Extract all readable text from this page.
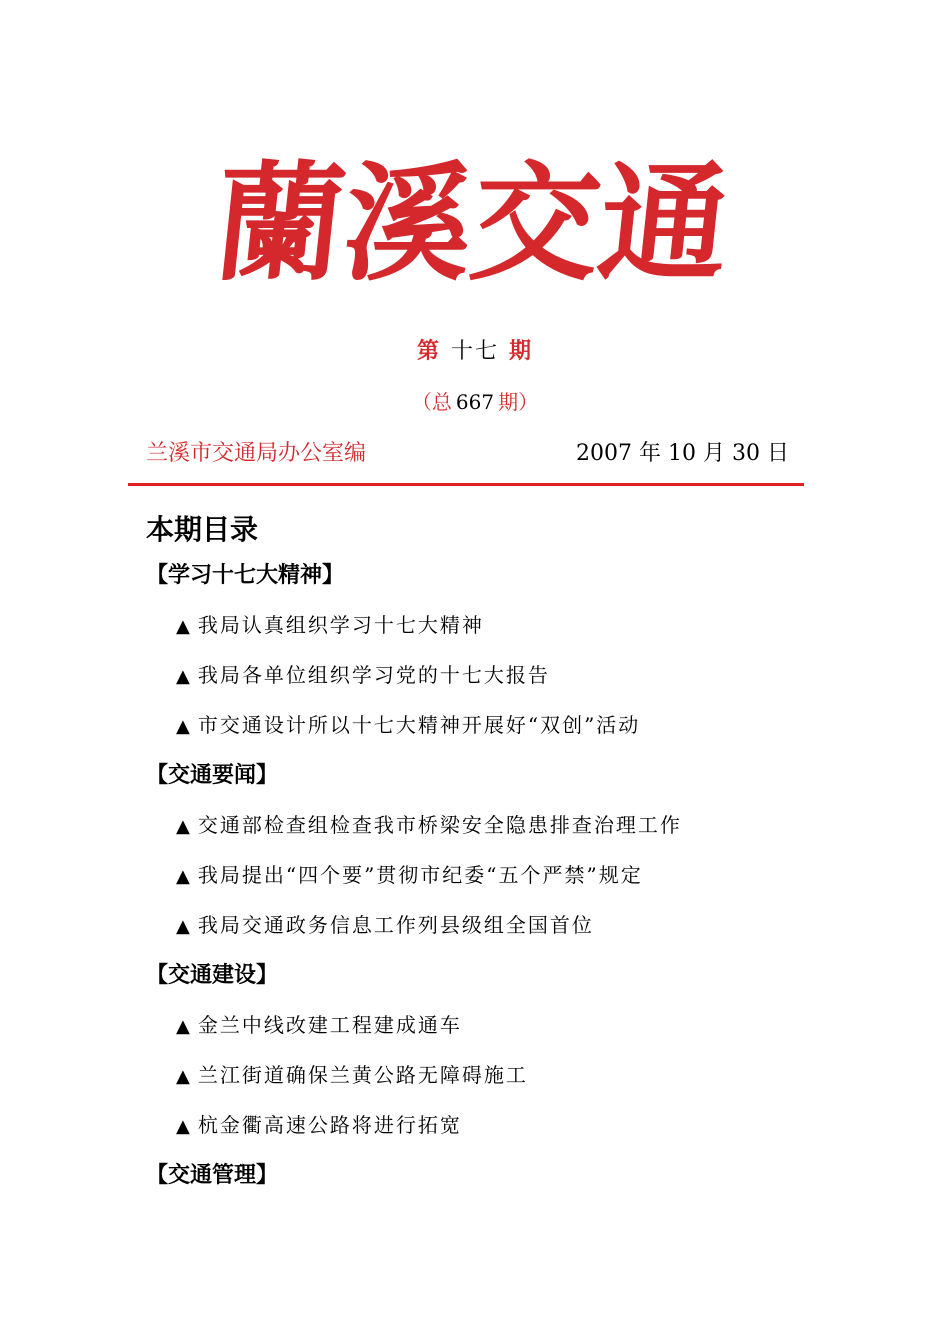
蘭
溪
交
通
第 十七 期
（总 667 期）
兰溪市交通局办公室编	2007 年 10 月 30 日
本期目录
【学习十七大精神】
▲ 我局认真组织学习十七大精神
▲ 我局各单位组织学习党的十七大报告
▲ 市交通设计所以十七大精神开展好“双创”活动
【交通要闻】
▲ 交通部检查组检查我市桥梁安全隐患排查治理工作
▲ 我局提出“四个要”贯彻市纪委“五个严禁”规定
▲ 我局交通政务信息工作列县级组全国首位
【交通建设】
▲ 金兰中线改建工程建成通车
▲ 兰江街道确保兰黄公路无障碍施工
▲ 杭金衢高速公路将进行拓宽
【交通管理】
